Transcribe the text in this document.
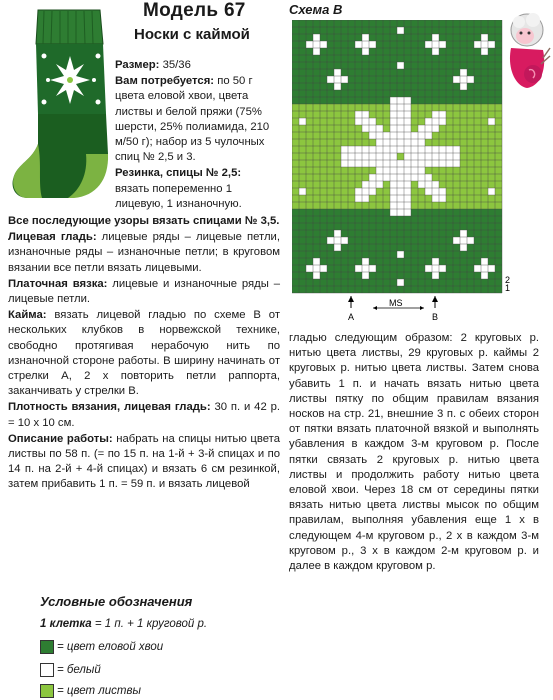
Модель 67
Носки с каймой
Схема В
Размер: 35/36
Вам потребуется: по 50 г цвета еловой хвои, цветa листвы и белой пряжи (75% шерсти, 25% полиамида, 210 м/50 г); набор из 5 чулочных спиц № 2,5 и 3.
Резинка, спицы № 2,5: вязать попеременно 1 лицевую, 1 изнаночную.
Все последующие узоры вязать спицами № 3,5.
Лицевая гладь: лицевые ряды – лицевые петли, изнаночные ряды – изнаночные петли; в круговом вязании все петли вязать лицевыми.
Платочная вязка: лицевые и изнаночные ряды – лицевые петли.
Кайма: вязать лицевой гладью по схеме В от нескольких клубков в норвежской технике, свободно протягивая нерабочую нить по изнаночной стороне работы. В ширину начинать от стрелки А, 2 х повторить петли раппорта, заканчивать у стрелки В.
Плотность вязания, лицевая гладь: 30 п. и 42 р. = 10 х 10 см.
Описание работы: набрать на спицы нитью цвета листвы по 58 п. (= по 15 п. на 1-й + 3-й спицах и по 14 п. на 2-й + 4-й спицах) и вязать 6 см резинкой, затем прибавить 1 п. = 59 п. и вязать лицевой
гладью следующим образом: 2 круговых р. нитью цвета листвы, 29 круговых р. каймы 2 круговых р. нитью цвета листвы. Затем снова убавить 1 п. и начать вязать нитью цвета листвы пятку по общим правилам вязания носков на стр. 21, внешние 3 п. с обеих сторон от пятки вязать платочной вязкой и выполнять убавления в каждом 3-м круговом р. После пятки связать 2 круговых р. нитью цвета листвы и продолжить работу нитью цвета еловой хвои. Через 18 см от середины пятки вязать нитью цвета листвы мысок по общим правилам, выполняя убавления еще 1 х в следующем 4-м круговом р., 2 х в каждом 3-м круговом р., 3 х в каждом 2-м круговом р. и далее в каждом круговом р.
MS
A	B
1
2
Условные обозначения
1 клетка = 1 п. + 1 круговой р.
= цвет еловой хвои
= белый
= цвет листвы
